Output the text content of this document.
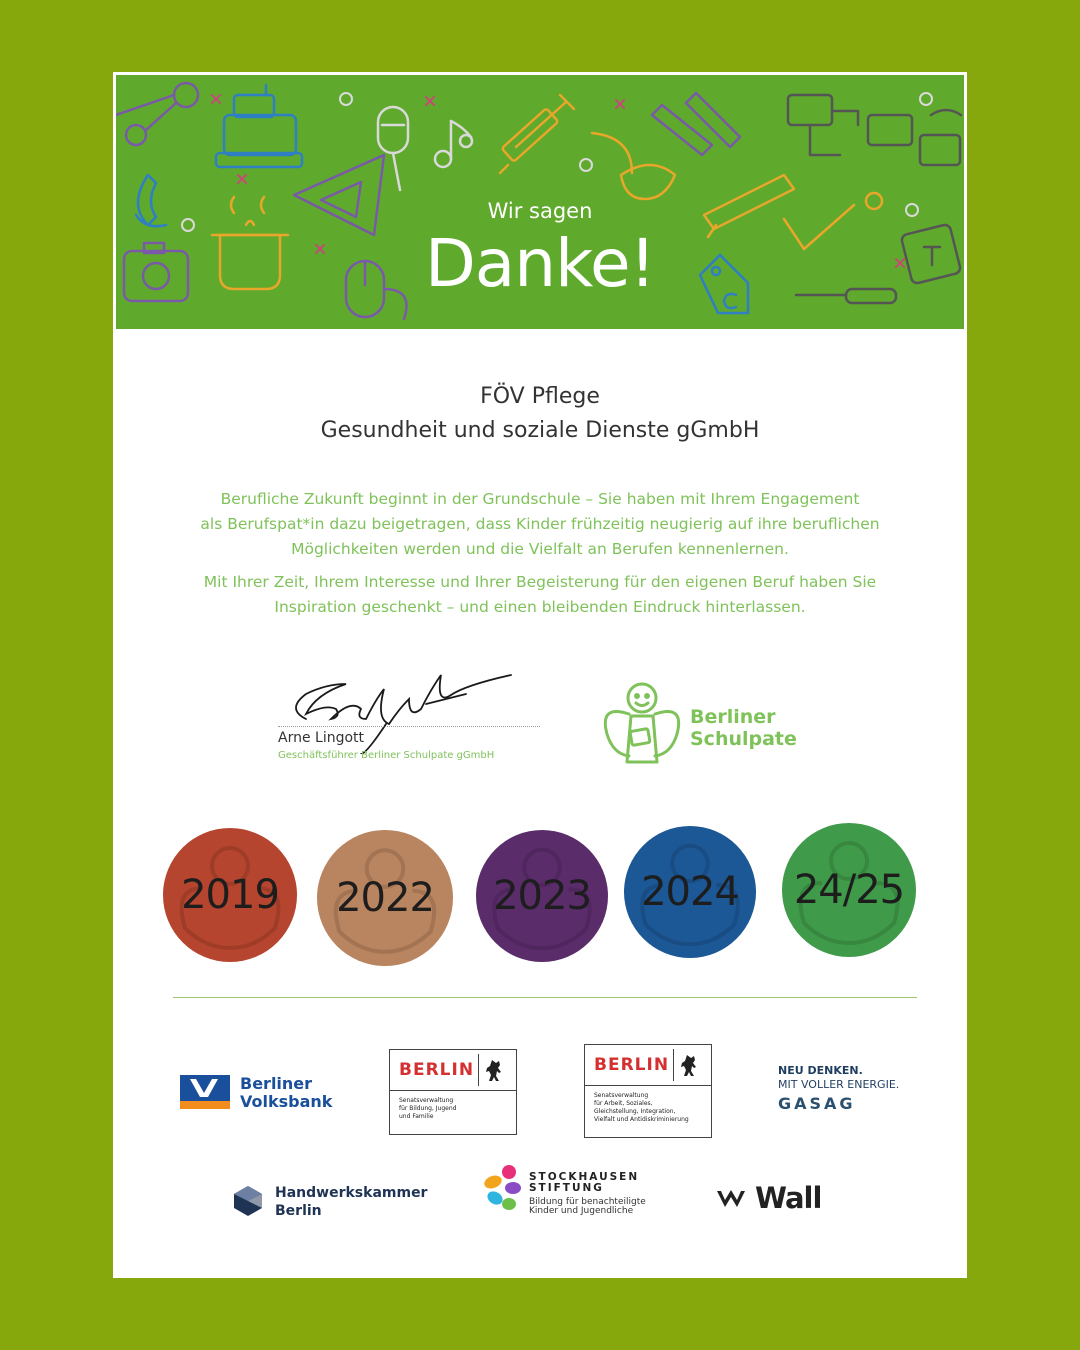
Wir sagen
Danke!
FÖV Pflege
Gesundheit und soziale Dienste gGmbH
Berufliche Zukunft beginnt in der Grundschule – Sie haben mit Ihrem Engagement
als Berufspat*in dazu beigetragen, dass Kinder frühzeitig neugierig auf ihre beruflichen
Möglichkeiten werden und die Vielfalt an Berufen kennenlernen.
Mit Ihrer Zeit, Ihrem Interesse und Ihrer Begeisterung für den eigenen Beruf haben Sie
Inspiration geschenkt – und einen bleibenden Eindruck hinterlassen.
Arne Lingott
Geschäftsführer Berliner Schulpate gGmbH
Berliner
Schulpate
2019 2022 2023 2024 24/25
Berliner
Volksbank
BERLIN
Senatsverwaltung
für Bildung, Jugend
und Familie
BERLIN
Senatsverwaltung
für Arbeit, Soziales,
Gleichstellung, Integration,
Vielfalt und Antidiskriminierung
NEU DENKEN.
MIT VOLLER ENERGIE.
GASAG
Handwerkskammer
Berlin
STOCKHAUSEN
STIFTUNG
Bildung für benachteiligte
Kinder und Jugendliche	Wall
